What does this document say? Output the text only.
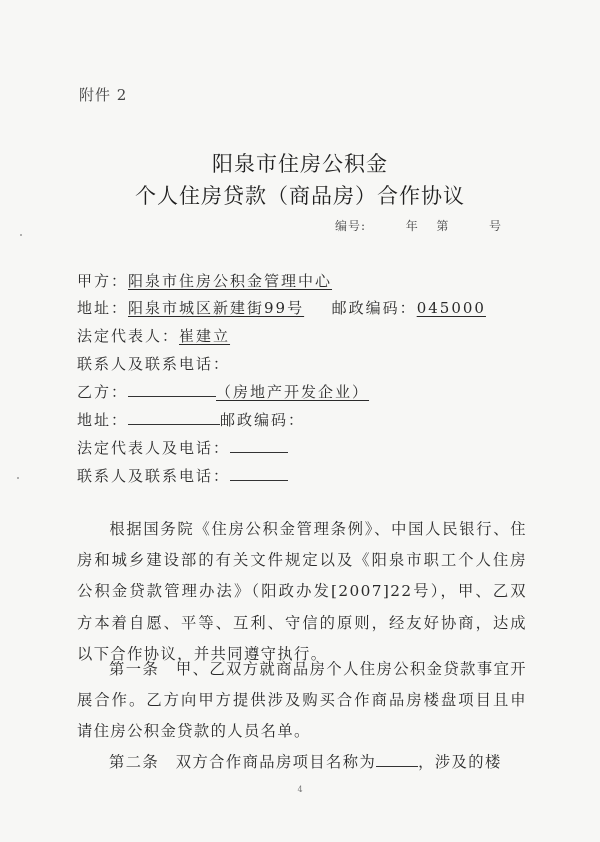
附件 2
阳泉市住房公积金
个人住房贷款（商品房）合作协议
编号:	年 第	号
甲方：阳泉市住房公积金管理中心
地址：阳泉市城区新建街99号 邮政编码：045000
法定代表人：崔建立
联系人及联系电话：
乙方：	（房地产开发企业）
地址：	邮政编码：
法定代表人及电话：
联系人及联系电话：
根据国务院《住房公积金管理条例》、中国人民银行、住房和城乡建设部的有关文件规定以及《阳泉市职工个人住房公积金贷款管理办法》（阳政办发[2007]22号），甲、乙双方本着自愿、平等、互利、守信的原则，经友好协商，达成以下合作协议，并共同遵守执行。
第一条　甲、乙双方就商品房个人住房公积金贷款事宜开展合作。乙方向甲方提供涉及购买合作商品房楼盘项目且申请住房公积金贷款的人员名单。
第二条　双方合作商品房项目名称为	，涉及的楼
4
